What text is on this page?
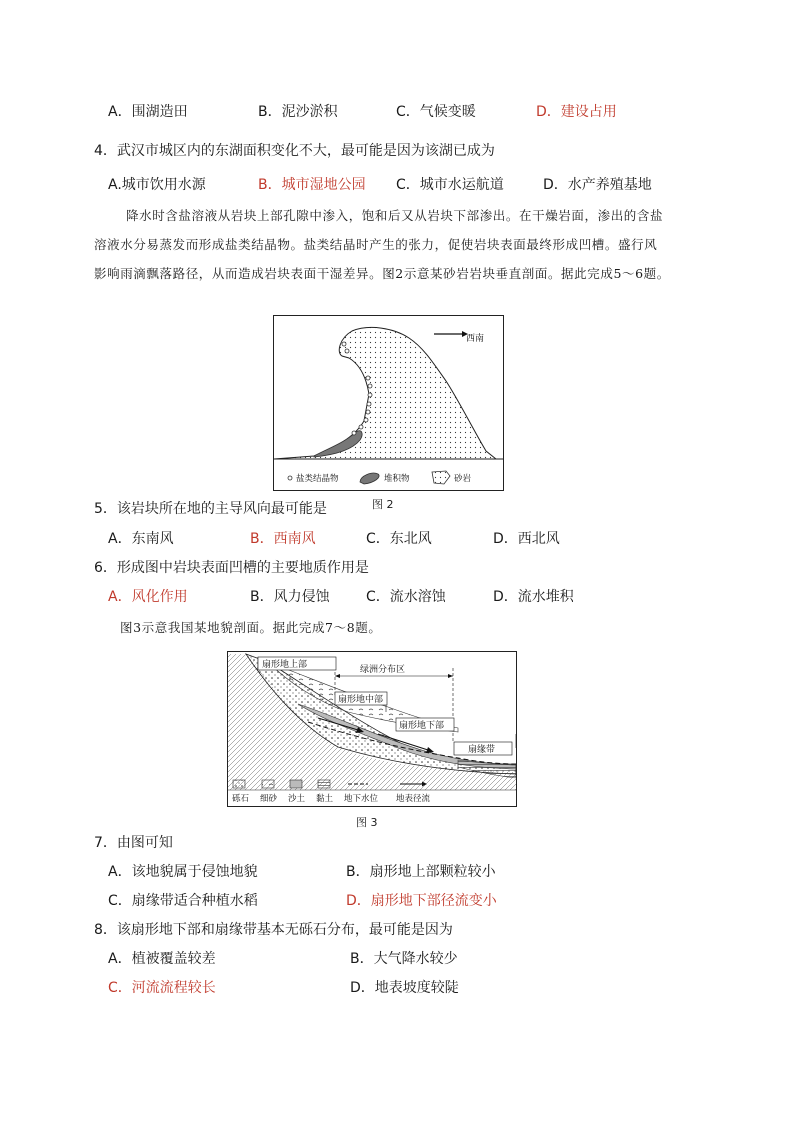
A．围湖造田	B．泥沙淤积	C．气候变暖	D．建设占用
4．武汉市城区内的东湖面积变化不大，最可能是因为该湖已成为
A.城市饮用水源	B．城市湿地公园 C．城市水运航道	D．水产养殖基地
降水时含盐溶液从岩块上部孔隙中渗入，饱和后又从岩块下部渗出。在干燥岩面，渗出的含盐
溶液水分易蒸发而形成盐类结晶物。盐类结晶时产生的张力，促使岩块表面最终形成凹槽。盛行风
影响雨滴飘落路径，从而造成岩块表面干湿差异。图2示意某砂岩岩块垂直剖面。据此完成5～6题。
西南
盐类结晶物	堆积物	砂岩
图 2
5．该岩块所在地的主导风向最可能是
A．东南风	B．西南风	C．东北风	D．西北风
6．形成图中岩块表面凹槽的主要地质作用是
A．风化作用	B．风力侵蚀	C．流水溶蚀	D．流水堆积
图3示意我国某地貌剖面。据此完成7～8题。
扇形地上部	绿洲分布区
扇形地中部
扇形地下部
扇缘带
砾石 细砂 沙土 黏土 地下水位 地表径流
图 3
7．由图可知
A．该地貌属于侵蚀地貌	B．扇形地上部颗粒较小
C．扇缘带适合种植水稻	D．扇形地下部径流变小
8．该扇形地下部和扇缘带基本无砾石分布，最可能是因为
A．植被覆盖较差	B．大气降水较少
C．河流流程较长	D．地表坡度较陡
